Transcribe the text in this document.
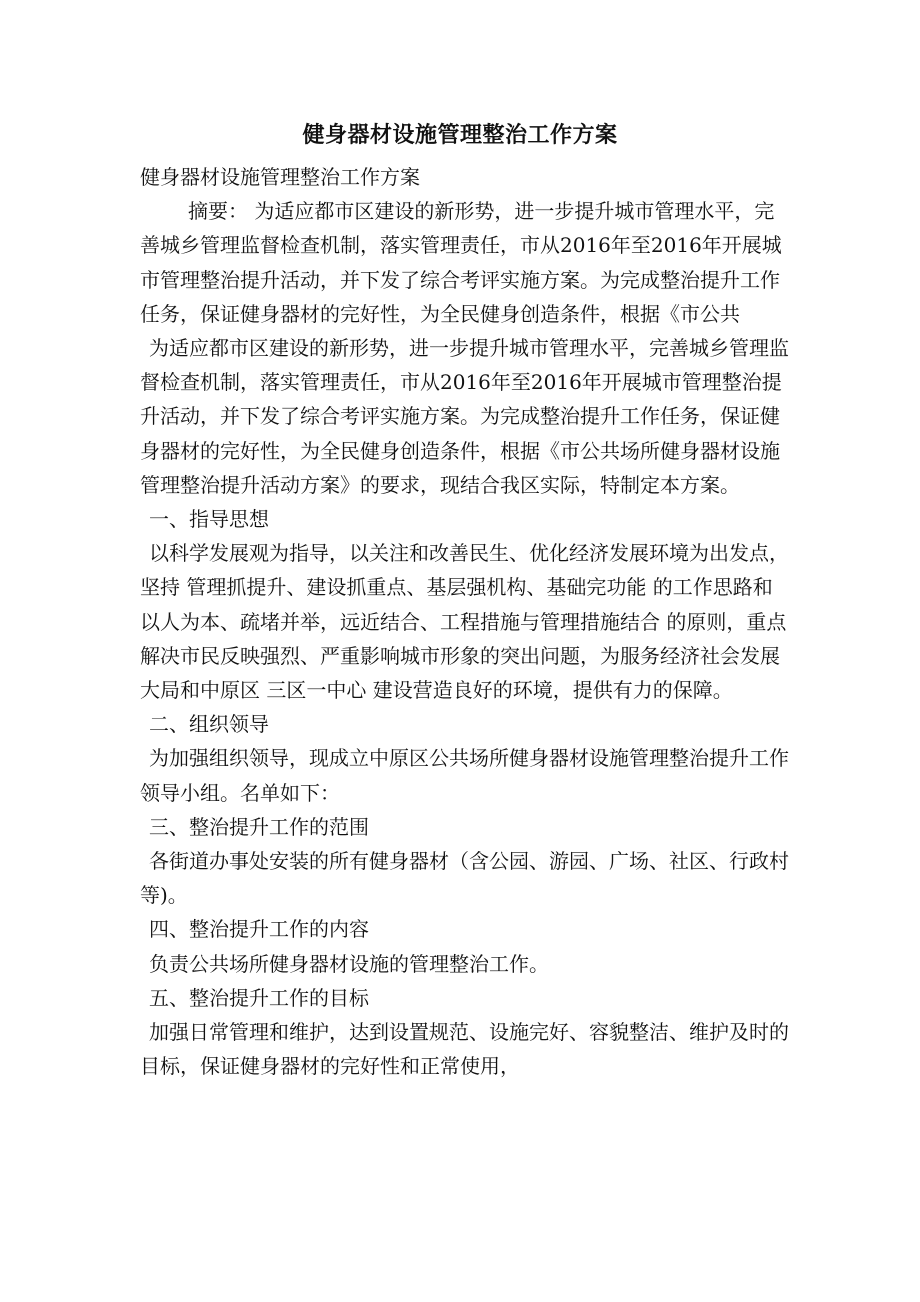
健身器材设施管理整治工作方案

健身器材设施管理整治工作方案

摘要： 为适应都市区建设的新形势，进一步提升城市管理水平，完善城乡管理监督检查机制，落实管理责任，市从2016年至2016年开展城市管理整治提升活动，并下发了综合考评实施方案。为完成整治提升工作任务，保证健身器材的完好性，为全民健身创造条件，根据《市公共

为适应都市区建设的新形势，进一步提升城市管理水平，完善城乡管理监督检查机制，落实管理责任，市从2016年至2016年开展城市管理整治提升活动，并下发了综合考评实施方案。为完成整治提升工作任务，保证健身器材的完好性，为全民健身创造条件，根据《市公共场所健身器材设施管理整治提升活动方案》的要求，现结合我区实际，特制定本方案。

一、指导思想

以科学发展观为指导，以关注和改善民生、优化经济发展环境为出发点，坚持 管理抓提升、建设抓重点、基层强机构、基础完功能 的工作思路和 以人为本、疏堵并举，远近结合、工程措施与管理措施结合 的原则，重点解决市民反映强烈、严重影响城市形象的突出问题，为服务经济社会发展大局和中原区 三区一中心 建设营造良好的环境，提供有力的保障。

二、组织领导

为加强组织领导，现成立中原区公共场所健身器材设施管理整治提升工作领导小组。名单如下：

三、整治提升工作的范围

各街道办事处安装的所有健身器材（含公园、游园、广场、社区、行政村等)。

四、整治提升工作的内容

负责公共场所健身器材设施的管理整治工作。

五、整治提升工作的目标

加强日常管理和维护，达到设置规范、设施完好、容貌整洁、维护及时的目标，保证健身器材的完好性和正常使用，
